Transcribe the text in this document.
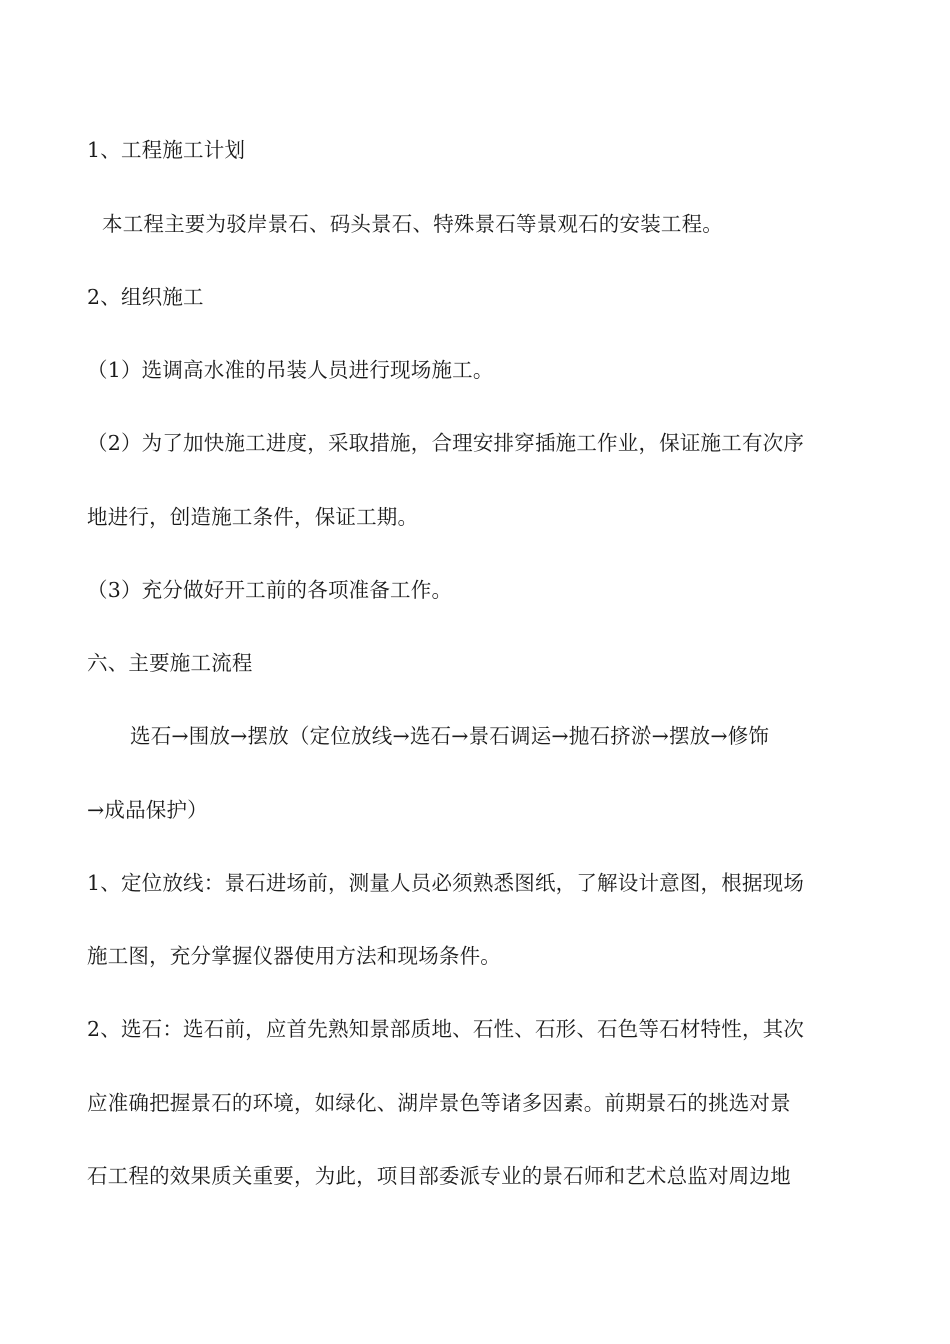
1、工程施工计划
本工程主要为驳岸景石、码头景石、特殊景石等景观石的安装工程。
2、组织施工
（1）选调高水准的吊装人员进行现场施工。
（2）为了加快施工进度，采取措施，合理安排穿插施工作业，保证施工有次序
地进行，创造施工条件，保证工期。
（3）充分做好开工前的各项准备工作。
六、主要施工流程
选石→围放→摆放（定位放线→选石→景石调运→抛石挤淤→摆放→修饰
→成品保护）
1、定位放线：景石进场前，测量人员必须熟悉图纸，了解设计意图，根据现场
施工图，充分掌握仪器使用方法和现场条件。
2、选石：选石前，应首先熟知景部质地、石性、石形、石色等石材特性，其次
应准确把握景石的环境，如绿化、湖岸景色等诸多因素。前期景石的挑选对景
石工程的效果质关重要，为此，项目部委派专业的景石师和艺术总监对周边地
